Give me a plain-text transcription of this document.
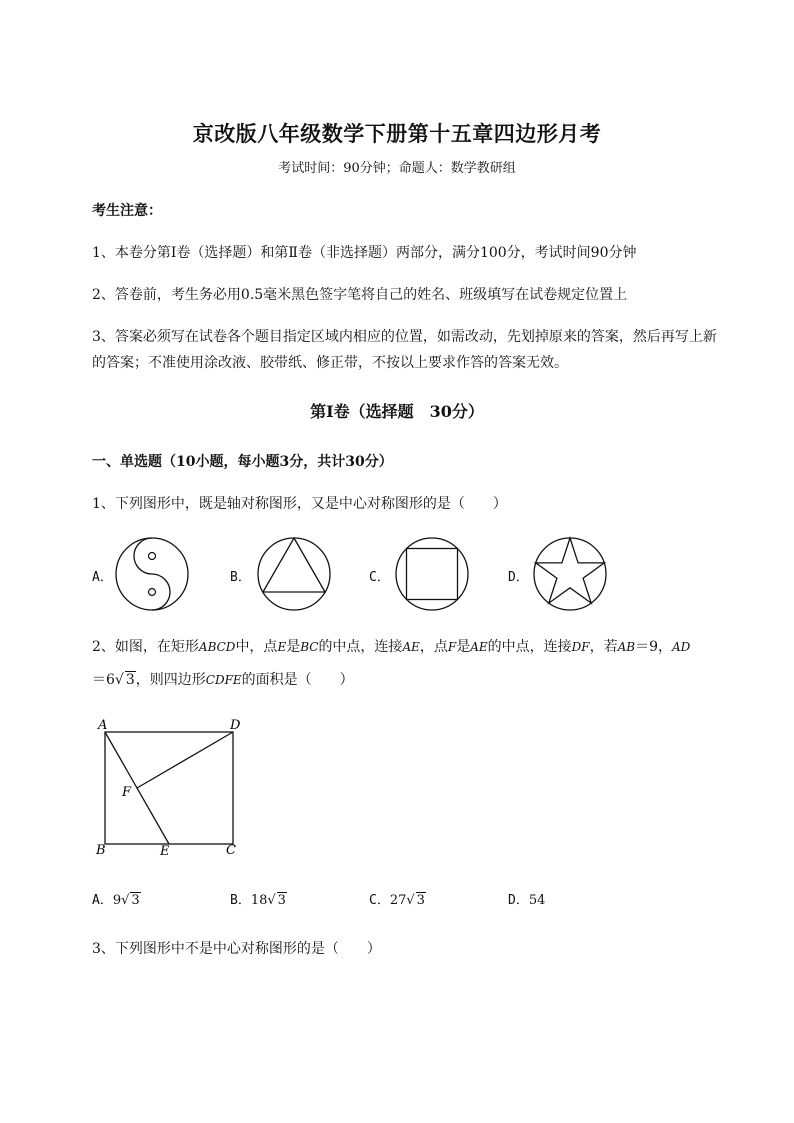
京改版八年级数学下册第十五章四边形月考
考试时间：90分钟；命题人：数学教研组
考生注意：
1、本卷分第Ⅰ卷（选择题）和第Ⅱ卷（非选择题）两部分，满分100分，考试时间90分钟
2、答卷前，考生务必用0.5毫米黑色签字笔将自己的姓名、班级填写在试卷规定位置上
3、答案必须写在试卷各个题目指定区域内相应的位置，如需改动，先划掉原来的答案，然后再写上新
的答案；不准使用涂改液、胶带纸、修正带，不按以上要求作答的答案无效。
第Ⅰ卷（选择题　30分）
一、单选题（10小题，每小题3分，共计30分）
1、下列图形中，既是轴对称图形，又是中心对称图形的是（　　）
A．	B．	C．	D．
2、如图，在矩形ABCD中，点E是BC的中点，连接AE，点F是AE的中点，连接DF，若AB＝9，AD
＝6√ 3，则四边形CDFE的面积是（　　）
A	D
F
B	E	C
A．9√ 3	B．18√ 3	C．27√ 3	D．54
3、下列图形中不是中心对称图形的是（　　）
